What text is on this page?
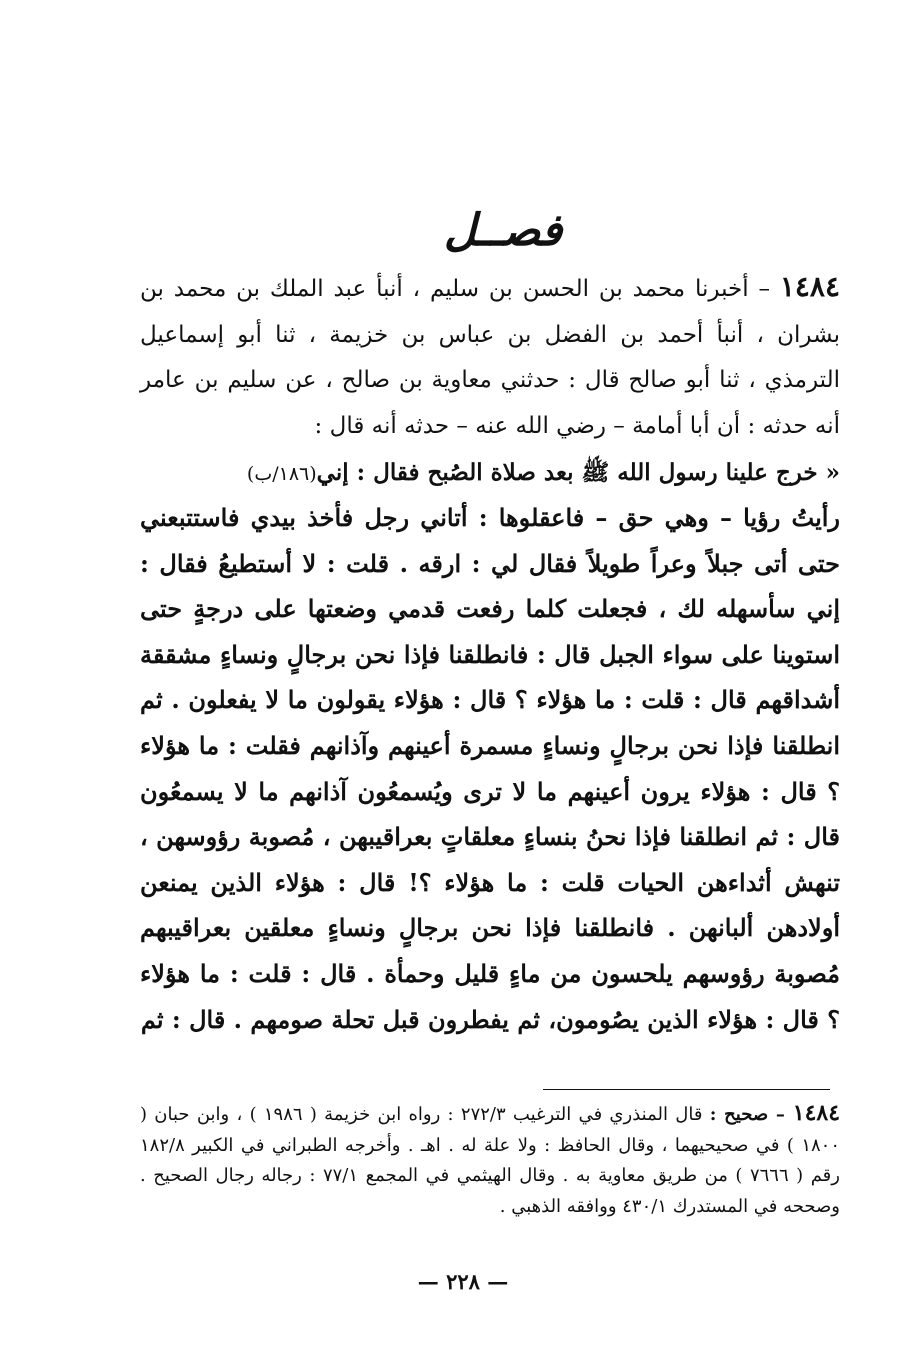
فصــل
١٤٨٤ – أخبرنا محمد بن الحسن بن سليم ، أنبأ عبد الملك بن محمد بن بشران ، أنبأ أحمد بن الفضل بن عباس بن خزيمة ، ثنا أبو إسماعيل الترمذي ، ثنا أبو صالح قال : حدثني معاوية بن صالح ، عن سليم بن عامر أنه حدثه : أن أبا أمامة – رضي الله عنه – حدثه أنه قال :
« خرج علينا رسول الله ﷺ بعد صلاة الصُبح فقال : إني(١٨٦/ب)
رأيتُ رؤيا – وهي حق – فاعقلوها : أتاني رجل فأخذ بيدي فاستتبعني حتى أتى جبلاً وعراً طويلاً فقال لي : ارقه . قلت : لا أستطيعُ فقال : إني سأسهله لك ، فجعلت كلما رفعت قدمي وضعتها على درجةٍ حتى استوينا على سواء الجبل قال : فانطلقنا فإذا نحن برجالٍ ونساءٍ مشققة أشداقهم قال : قلت : ما هؤلاء ؟ قال : هؤلاء يقولون ما لا يفعلون . ثم انطلقنا فإذا نحن برجالٍ ونساءٍ مسمرة أعينهم وآذانهم فقلت : ما هؤلاء ؟ قال : هؤلاء يرون أعينهم ما لا ترى ويُسمعُون آذانهم ما لا يسمعُون قال : ثم انطلقنا فإذا نحنُ بنساءٍ معلقاتٍ بعراقيبهن ، مُصوبة رؤوسهن ، تنهش أثداءهن الحيات قلت : ما هؤلاء ؟! قال : هؤلاء الذين يمنعن أولادهن ألبانهن . فانطلقنا فإذا نحن برجالٍ ونساءٍ معلقين بعراقيبهم مُصوبة رؤوسهم يلحسون من ماءٍ قليل وحمأة . قال : قلت : ما هؤلاء ؟ قال : هؤلاء الذين يصُومون، ثم يفطرون قبل تحلة صومهم . قال : ثم
١٤٨٤ – صحيح : قال المنذري في الترغيب ٢٧٢/٣ : رواه ابن خزيمة ( ١٩٨٦ ) ، وابن حبان ( ١٨٠٠ ) في صحيحيهما ، وقال الحافظ : ولا علة له . اهـ . وأخرجه الطبراني في الكبير ١٨٢/٨ رقم ( ٧٦٦٦ ) من طريق معاوية به . وقال الهيثمي في المجمع ٧٧/١ : رجاله رجال الصحيح . وصححه في المستدرك ٤٣٠/١ ووافقه الذهبي .
— ٢٢٨ —
